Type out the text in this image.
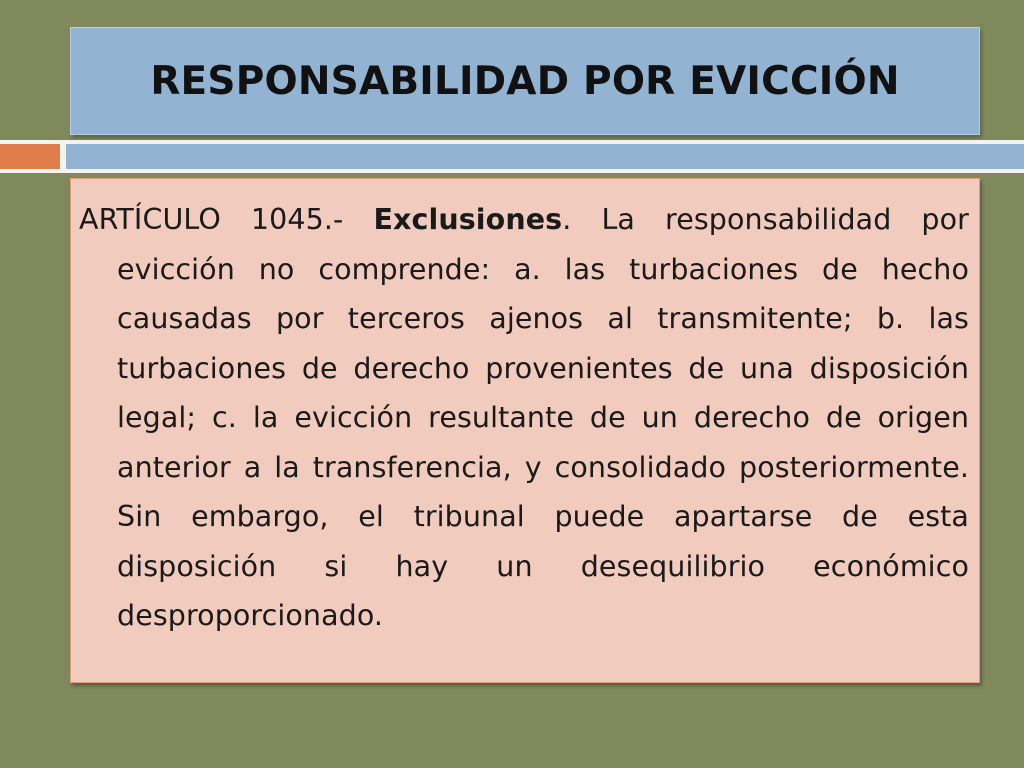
RESPONSABILIDAD POR EVICCIÓN

ARTÍCULO 1045.- Exclusiones. La responsabilidad por evicción no comprende: a. las turbaciones de hecho causadas por terceros ajenos al transmitente; b. las turbaciones de derecho provenientes de una disposición legal; c. la evicción resultante de un derecho de origen anterior a la transferencia, y consolidado posteriormente. Sin embargo, el tribunal puede apartarse de esta disposición si hay un desequilibrio económico desproporcionado.
